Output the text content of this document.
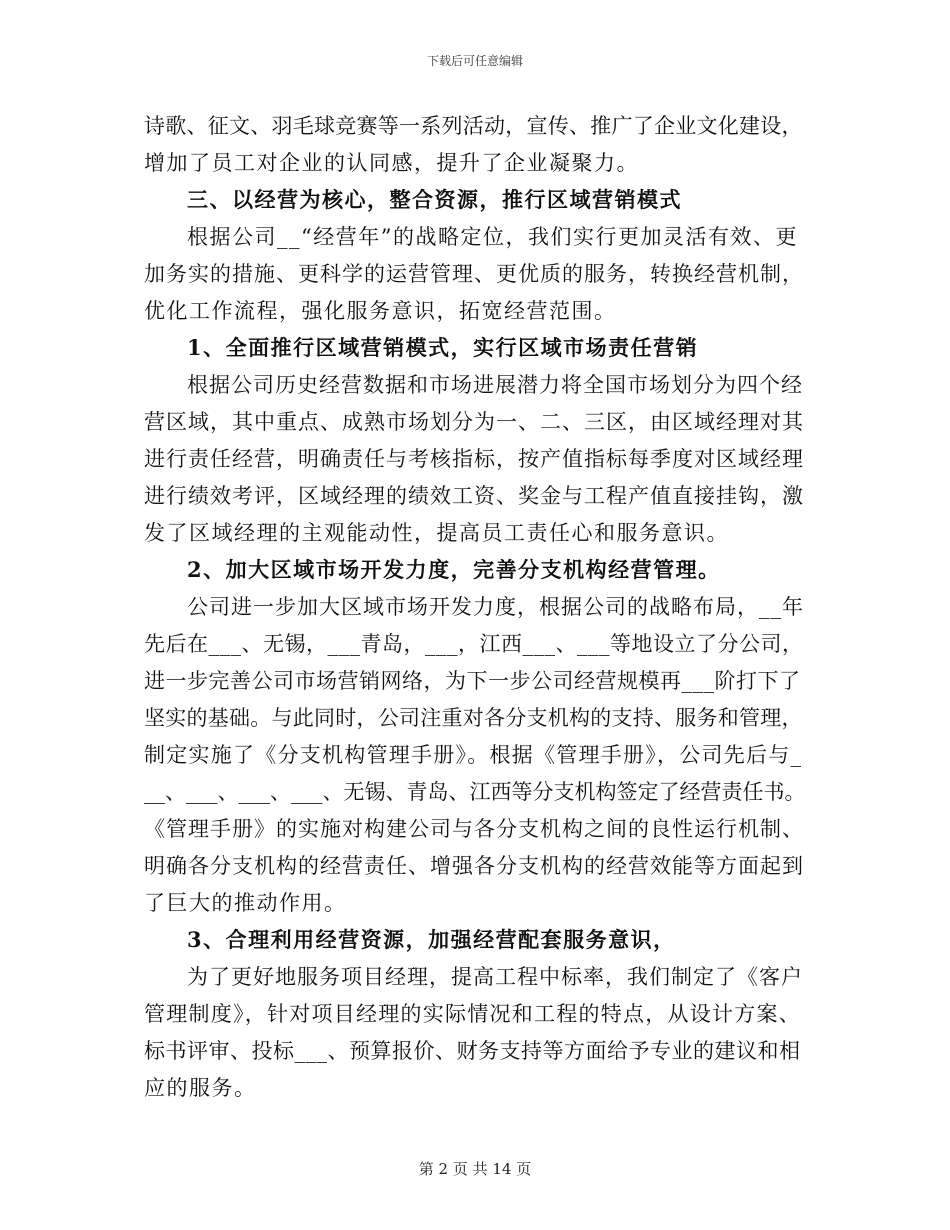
下载后可任意编辑
诗歌、征文、羽毛球竞赛等一系列活动，宣传、推广了企业文化建设，
增加了员工对企业的认同感，提升了企业凝聚力。
三、以经营为核心，整合资源，推行区域营销模式
根据公司__“经营年”的战略定位，我们实行更加灵活有效、更
加务实的措施、更科学的运营管理、更优质的服务，转换经营机制，
优化工作流程，强化服务意识，拓宽经营范围。
1、全面推行区域营销模式，实行区域市场责任营销
根据公司历史经营数据和市场进展潜力将全国市场划分为四个经
营区域，其中重点、成熟市场划分为一、二、三区，由区域经理对其
进行责任经营，明确责任与考核指标，按产值指标每季度对区域经理
进行绩效考评，区域经理的绩效工资、奖金与工程产值直接挂钩，激
发了区域经理的主观能动性，提高员工责任心和服务意识。
2、加大区域市场开发力度，完善分支机构经营管理。
公司进一步加大区域市场开发力度，根据公司的战略布局，__年
先后在___、无锡，___青岛，___，江西___、___等地设立了分公司，
进一步完善公司市场营销网络，为下一步公司经营规模再___阶打下了
坚实的基础。与此同时，公司注重对各分支机构的支持、服务和管理，
制定实施了《分支机构管理手册》。根据《管理手册》，公司先后与_
__、___、___、___、无锡、青岛、江西等分支机构签定了经营责任书。
《管理手册》的实施对构建公司与各分支机构之间的良性运行机制、
明确各分支机构的经营责任、增强各分支机构的经营效能等方面起到
了巨大的推动作用。
3、合理利用经营资源，加强经营配套服务意识，
为了更好地服务项目经理，提高工程中标率，我们制定了《客户
管理制度》，针对项目经理的实际情况和工程的特点，从设计方案、
标书评审、投标___、预算报价、财务支持等方面给予专业的建议和相
应的服务。
第 2 页 共 14 页
